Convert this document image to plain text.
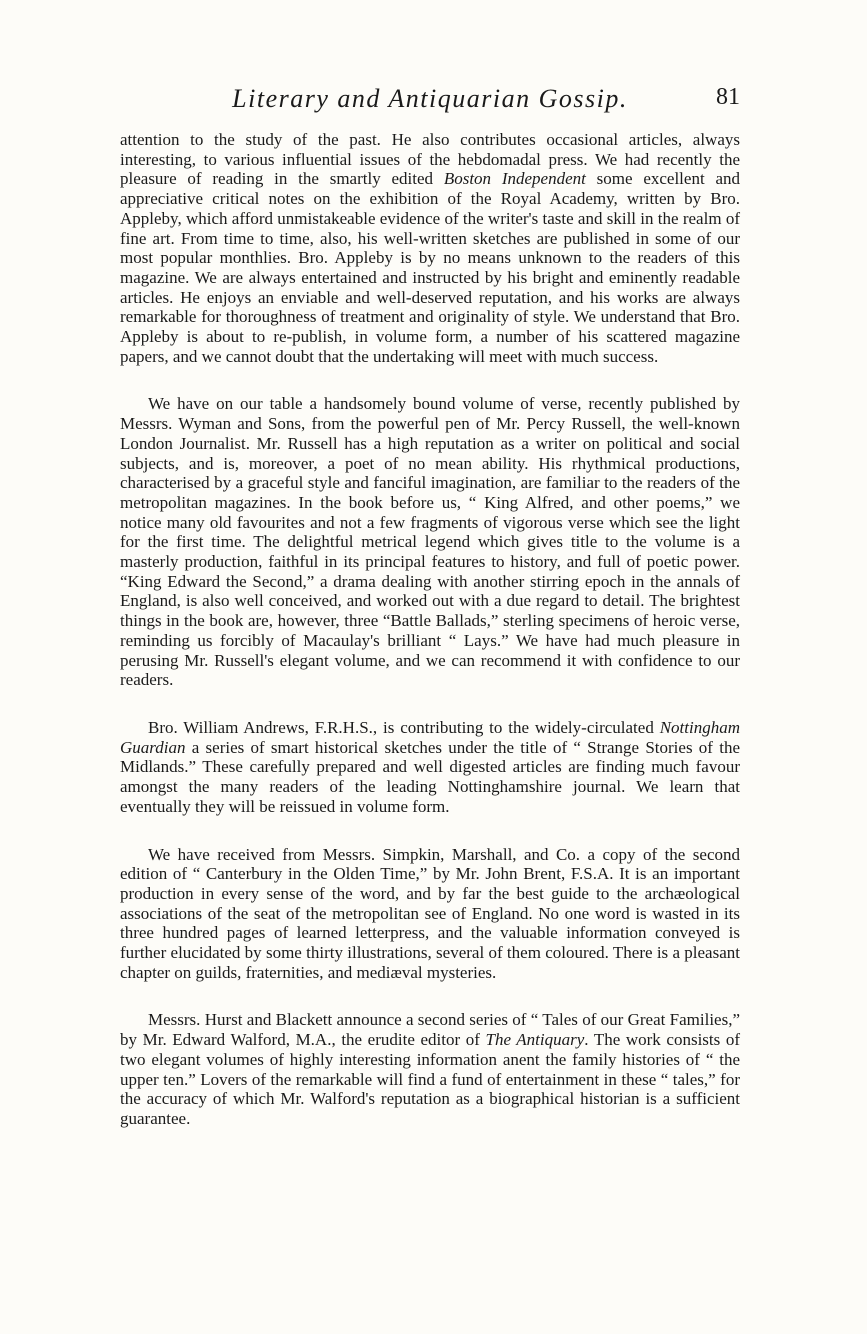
Literary and Antiquarian Gossip.	81

attention to the study of the past. He also contributes occasional articles, always interesting, to various influential issues of the hebdomadal press. We had recently the pleasure of reading in the smartly edited Boston Independent some excellent and appreciative critical notes on the exhibition of the Royal Academy, written by Bro. Appleby, which afford unmistakeable evidence of the writer's taste and skill in the realm of fine art. From time to time, also, his well-written sketches are published in some of our most popular monthlies. Bro. Appleby is by no means unknown to the readers of this magazine. We are always entertained and instructed by his bright and eminently readable articles. He enjoys an enviable and well-deserved reputation, and his works are always remarkable for thoroughness of treatment and originality of style. We understand that Bro. Appleby is about to re-publish, in volume form, a number of his scattered magazine papers, and we cannot doubt that the undertaking will meet with much success.

We have on our table a handsomely bound volume of verse, recently published by Messrs. Wyman and Sons, from the powerful pen of Mr. Percy Russell, the well-known London Journalist. Mr. Russell has a high reputation as a writer on political and social subjects, and is, moreover, a poet of no mean ability. His rhythmical productions, characterised by a graceful style and fanciful imagination, are familiar to the readers of the metropolitan magazines. In the book before us, “ King Alfred, and other poems,” we notice many old favourites and not a few fragments of vigorous verse which see the light for the first time. The delightful metrical legend which gives title to the volume is a masterly production, faithful in its principal features to history, and full of poetic power. “King Edward the Second,” a drama dealing with another stirring epoch in the annals of England, is also well conceived, and worked out with a due regard to detail. The brightest things in the book are, however, three “Battle Ballads,” sterling specimens of heroic verse, reminding us forcibly of Macaulay's brilliant “ Lays.” We have had much pleasure in perusing Mr. Russell's elegant volume, and we can recommend it with confidence to our readers.

Bro. William Andrews, F.R.H.S., is contributing to the widely-circulated Nottingham Guardian a series of smart historical sketches under the title of “ Strange Stories of the Midlands.” These carefully prepared and well digested articles are finding much favour amongst the many readers of the leading Nottinghamshire journal. We learn that eventually they will be reissued in volume form.

We have received from Messrs. Simpkin, Marshall, and Co. a copy of the second edition of “ Canterbury in the Olden Time,” by Mr. John Brent, F.S.A. It is an important production in every sense of the word, and by far the best guide to the archæological associations of the seat of the metropolitan see of England. No one word is wasted in its three hundred pages of learned letterpress, and the valuable information conveyed is further elucidated by some thirty illustrations, several of them coloured. There is a pleasant chapter on guilds, fraternities, and mediæval mysteries.

Messrs. Hurst and Blackett announce a second series of “ Tales of our Great Families,” by Mr. Edward Walford, M.A., the erudite editor of The Antiquary. The work consists of two elegant volumes of highly interesting information anent the family histories of “ the upper ten.” Lovers of the remarkable will find a fund of entertainment in these “ tales,” for the accuracy of which Mr. Walford's reputation as a biographical historian is a sufficient guarantee.
